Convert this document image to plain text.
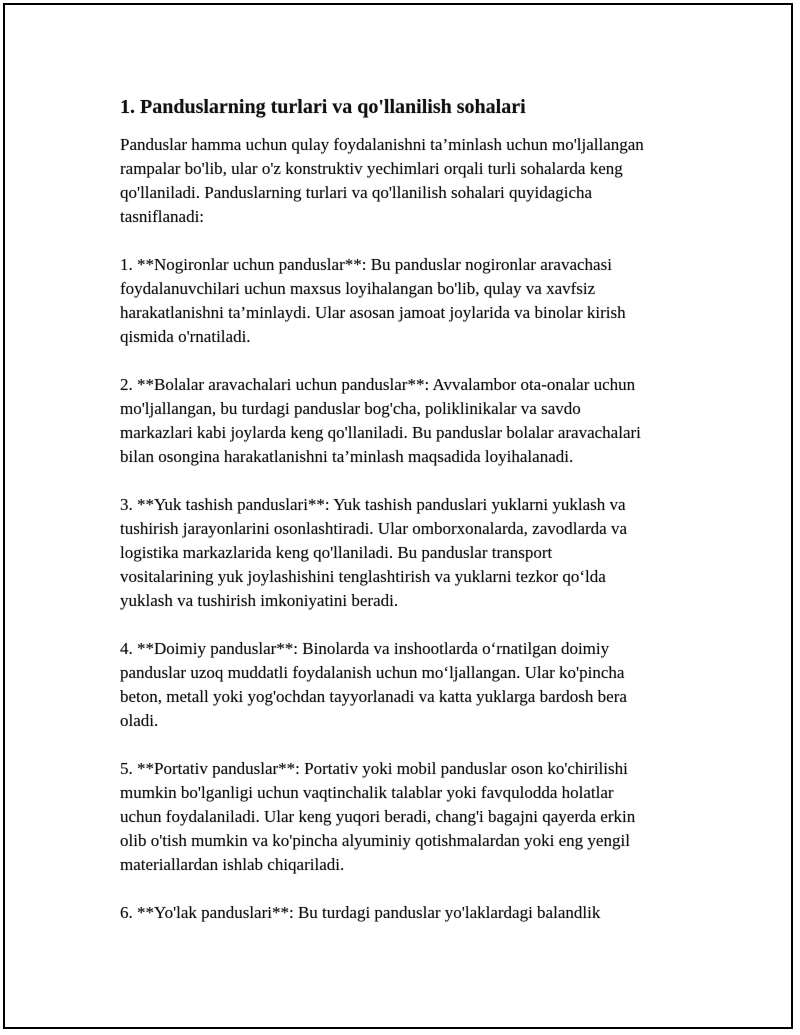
1. Panduslarning turlari va qo'llanilish sohalari

Panduslar hamma uchun qulay foydalanishni ta’minlash uchun mo'ljallangan
rampalar bo'lib, ular o'z konstruktiv yechimlari orqali turli sohalarda keng
qo'llaniladi. Panduslarning turlari va qo'llanilish sohalari quyidagicha
tasniflanadi:

1. **Nogironlar uchun panduslar**: Bu panduslar nogironlar aravachasi
foydalanuvchilari uchun maxsus loyihalangan bo'lib, qulay va xavfsiz
harakatlanishni ta’minlaydi. Ular asosan jamoat joylarida va binolar kirish
qismida o'rnatiladi.

2. **Bolalar aravachalari uchun panduslar**: Avvalambor ota-onalar uchun
mo'ljallangan, bu turdagi panduslar bog'cha, poliklinikalar va savdo
markazlari kabi joylarda keng qo'llaniladi. Bu panduslar bolalar aravachalari
bilan osongina harakatlanishni ta’minlash maqsadida loyihalanadi.

3. **Yuk tashish panduslari**: Yuk tashish panduslari yuklarni yuklash va
tushirish jarayonlarini osonlashtiradi. Ular omborxonalarda, zavodlarda va
logistika markazlarida keng qo'llaniladi. Bu panduslar transport
vositalarining yuk joylashishini tenglashtirish va yuklarni tezkor qo‘lda
yuklash va tushirish imkoniyatini beradi.

4. **Doimiy panduslar**: Binolarda va inshootlarda o‘rnatilgan doimiy
panduslar uzoq muddatli foydalanish uchun mo‘ljallangan. Ular ko'pincha
beton, metall yoki yog'ochdan tayyorlanadi va katta yuklarga bardosh bera
oladi.

5. **Portativ panduslar**: Portativ yoki mobil panduslar oson ko'chirilishi
mumkin bo'lganligi uchun vaqtinchalik talablar yoki favqulodda holatlar
uchun foydalaniladi. Ular keng yuqori beradi, chang'i bagajni qayerda erkin
olib o'tish mumkin va ko'pincha alyuminiy qotishmalardan yoki eng yengil
materiallardan ishlab chiqariladi.

6. **Yo'lak panduslari**: Bu turdagi panduslar yo'laklardagi balandlik
